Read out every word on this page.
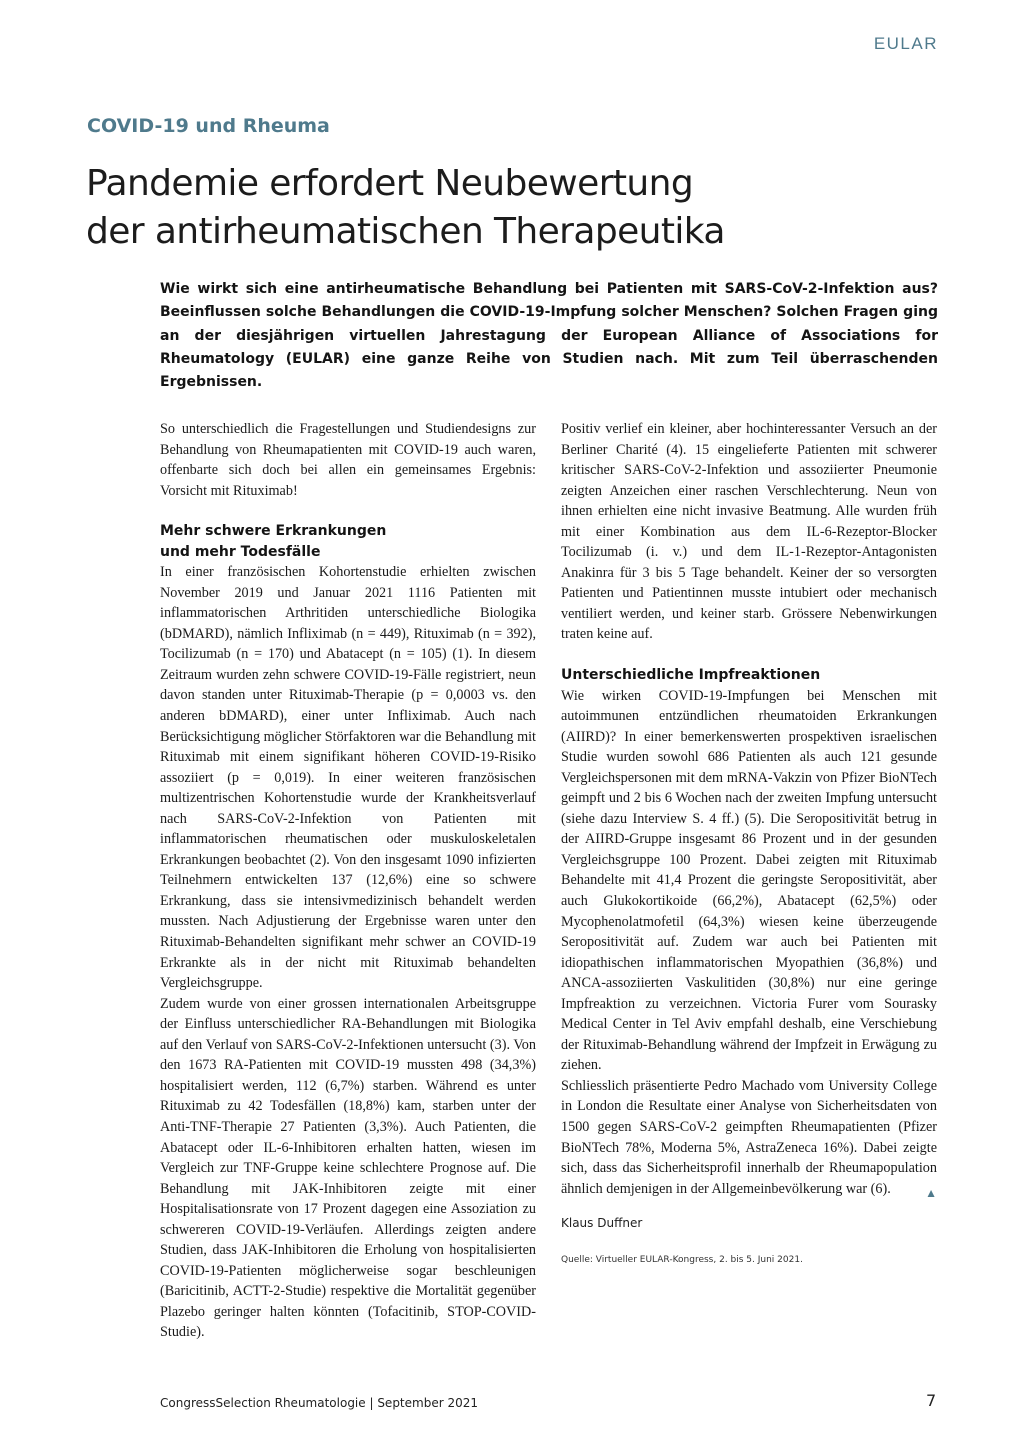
EULAR
COVID-19 und Rheuma
Pandemie erfordert Neubewertung
der antirheumatischen Therapeutika

Wie wirkt sich eine antirheumatische Behandlung bei Patienten mit SARS-CoV-2-Infektion aus? Beeinflussen solche Behandlungen die COVID-19-Impfung solcher Menschen? Solchen Fragen ging an der diesjährigen virtuellen Jahrestagung der European Alliance of Associations for Rheumatology (EULAR) eine ganze Reihe von Studien nach. Mit zum Teil überraschenden Ergebnissen.

So unterschiedlich die Fragestellungen und Studiendesigns zur Behandlung von Rheumapatienten mit COVID-19 auch waren, offenbarte sich doch bei allen ein gemeinsames Ergebnis: Vorsicht mit Rituximab!

Mehr schwere Erkrankungen
und mehr Todesfälle

In einer französischen Kohortenstudie erhielten zwischen November 2019 und Januar 2021 1116 Patienten mit inflammatorischen Arthritiden unterschiedliche Biologika (bDMARD), nämlich Infliximab (n = 449), Rituximab (n = 392), Tocilizumab (n = 170) und Abatacept (n = 105) (1). In diesem Zeitraum wurden zehn schwere COVID-19-Fälle registriert, neun davon standen unter Rituximab-Therapie (p = 0,0003 vs. den anderen bDMARD), einer unter Infliximab. Auch nach Berücksichtigung möglicher Störfaktoren war die Behandlung mit Rituximab mit einem signifikant höheren COVID-19-Risiko assoziiert (p = 0,019). In einer weiteren französischen multizentrischen Kohortenstudie wurde der Krankheitsverlauf nach SARS-CoV-2-Infektion von Patienten mit inflammatorischen rheumatischen oder muskuloskeletalen Erkrankungen beobachtet (2). Von den insgesamt 1090 infizierten Teilnehmern entwickelten 137 (12,6%) eine so schwere Erkrankung, dass sie intensivmedizinisch behandelt werden mussten. Nach Adjustierung der Ergebnisse waren unter den Rituximab-Behandelten signifikant mehr schwer an COVID-19 Erkrankte als in der nicht mit Rituximab behandelten Vergleichsgruppe.

Zudem wurde von einer grossen internationalen Arbeitsgruppe der Einfluss unterschiedlicher RA-Behandlungen mit Biologika auf den Verlauf von SARS-CoV-2-Infektionen untersucht (3). Von den 1673 RA-Patienten mit COVID-19 mussten 498 (34,3%) hospitalisiert werden, 112 (6,7%) starben. Während es unter Rituximab zu 42 Todesfällen (18,8%) kam, starben unter der Anti-TNF-Therapie 27 Patienten (3,3%). Auch Patienten, die Abatacept oder IL-6-Inhibitoren erhalten hatten, wiesen im Vergleich zur TNF-Gruppe keine schlechtere Prognose auf. Die Behandlung mit JAK-Inhibitoren zeigte mit einer Hospitalisationsrate von 17 Prozent dagegen eine Assoziation zu schwereren COVID-19-Verläufen. Allerdings zeigten andere Studien, dass JAK-Inhibitoren die Erholung von hospitalisierten COVID-19-Patienten möglicherweise sogar beschleunigen (Baricitinib, ACTT-2-Studie) respektive die Mortalität gegenüber Plazebo geringer halten könnten (Tofacitinib, STOP-COVID-Studie).

Positiv verlief ein kleiner, aber hochinteressanter Versuch an der Berliner Charité (4). 15 eingelieferte Patienten mit schwerer kritischer SARS-CoV-2-Infektion und assoziierter Pneumonie zeigten Anzeichen einer raschen Verschlechterung. Neun von ihnen erhielten eine nicht invasive Beatmung. Alle wurden früh mit einer Kombination aus dem IL-6-Rezeptor-Blocker Tocilizumab (i. v.) und dem IL-1-Rezeptor-Antagonisten Anakinra für 3 bis 5 Tage behandelt. Keiner der so versorgten Patienten und Patientinnen musste intubiert oder mechanisch ventiliert werden, und keiner starb. Grössere Nebenwirkungen traten keine auf.

Unterschiedliche Impfreaktionen

Wie wirken COVID-19-Impfungen bei Menschen mit autoimmunen entzündlichen rheumatoiden Erkrankungen (AIIRD)? In einer bemerkenswerten prospektiven israelischen Studie wurden sowohl 686 Patienten als auch 121 gesunde Vergleichspersonen mit dem mRNA-Vakzin von Pfizer BioNTech geimpft und 2 bis 6 Wochen nach der zweiten Impfung untersucht (siehe dazu Interview S. 4 ff.) (5). Die Seropositivität betrug in der AIIRD-Gruppe insgesamt 86 Prozent und in der gesunden Vergleichsgruppe 100 Prozent. Dabei zeigten mit Rituximab Behandelte mit 41,4 Prozent die geringste Seropositivität, aber auch Glukokortikoide (66,2%), Abatacept (62,5%) oder Mycophenolatmofetil (64,3%) wiesen keine überzeugende Seropositivität auf. Zudem war auch bei Patienten mit idiopathischen inflammatorischen Myopathien (36,8%) und ANCA-assoziierten Vaskulitiden (30,8%) nur eine geringe Impfreaktion zu verzeichnen. Victoria Furer vom Sourasky Medical Center in Tel Aviv empfahl deshalb, eine Verschiebung der Rituximab-Behandlung während der Impfzeit in Erwägung zu ziehen.

Schliesslich präsentierte Pedro Machado vom University College in London die Resultate einer Analyse von Sicherheitsdaten von 1500 gegen SARS-CoV-2 geimpften Rheumapatienten (Pfizer BioNTech 78%, Moderna 5%, AstraZeneca 16%). Dabei zeigte sich, dass das Sicherheitsprofil innerhalb der Rheumapopulation ähnlich demjenigen in der Allgemeinbevölkerung war (6).	▲

Klaus Duffner
Quelle: Virtueller EULAR-Kongress, 2. bis 5. Juni 2021.
CongressSelection Rheumatologie | September 2021	7
